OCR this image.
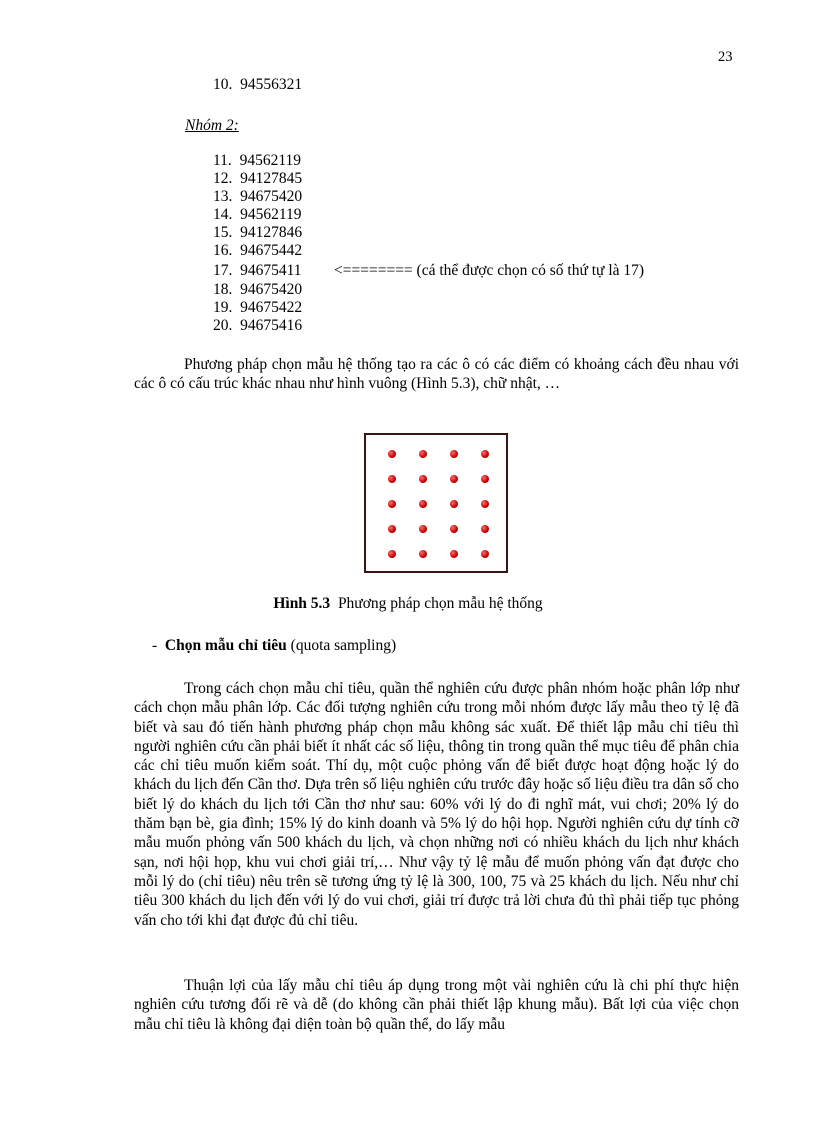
23
10. 94556321
Nhóm 2:
11. 94562119
12. 94127845
13. 94675420
14. 94562119
15. 94127846
16. 94675442
17. 94675411
18. 94675420
19. 94675422
20. 94675416
<======== (cá thể được chọn có số thứ tự là 17)
Phương pháp chọn mẫu hệ thống tạo ra các ô có các điểm có khoảng cách đều nhau với các ô có cấu trúc khác nhau như hình vuông (Hình 5.3), chữ nhật, …
Hình 5.3 Phương pháp chọn mẫu hệ thống
- Chọn mẫu chỉ tiêu (quota sampling)
Trong cách chọn mẫu chỉ tiêu, quần thể nghiên cứu được phân nhóm hoặc phân lớp như cách chọn mẫu phân lớp. Các đối tượng nghiên cứu trong mỗi nhóm được lấy mẫu theo tỷ lệ đã biết và sau đó tiến hành phương pháp chọn mẫu không sác xuất. Để thiết lập mẫu chỉ tiêu thì người nghiên cứu cần phải biết ít nhất các số liệu, thông tin trong quần thể mục tiêu để phân chia các chỉ tiêu muốn kiểm soát. Thí dụ, một cuộc phỏng vấn để biết được hoạt động hoặc lý do khách du lịch đến Cần thơ. Dựa trên số liệu nghiên cứu trước đây hoặc số liệu điều tra dân số cho biết lý do khách du lịch tới Cần thơ như sau: 60% với lý do đi nghĩ mát, vui chơi; 20% lý do thăm bạn bè, gia đình; 15% lý do kinh doanh và 5% lý do hội họp. Người nghiên cứu dự tính cỡ mẫu muốn phỏng vấn 500 khách du lịch, và chọn những nơi có nhiều khách du lịch như khách sạn, nơi hội họp, khu vui chơi giải trí,… Như vậy tỷ lệ mẫu để muốn phỏng vấn đạt được cho mỗi lý do (chỉ tiêu) nêu trên sẽ tương ứng tỷ lệ là 300, 100, 75 và 25 khách du lịch. Nếu như chỉ tiêu 300 khách du lịch đến với lý do vui chơi, giải trí được trả lời chưa đủ thì phải tiếp tục phỏng vấn cho tới khi đạt được đủ chỉ tiêu.
Thuận lợi của lấy mẫu chỉ tiêu áp dụng trong một vài nghiên cứu là chi phí thực hiện nghiên cứu tương đối rẽ và dễ (do không cần phải thiết lập khung mẫu). Bất lợi của việc chọn mẫu chỉ tiêu là không đại diện toàn bộ quần thể, do lấy mẫu
